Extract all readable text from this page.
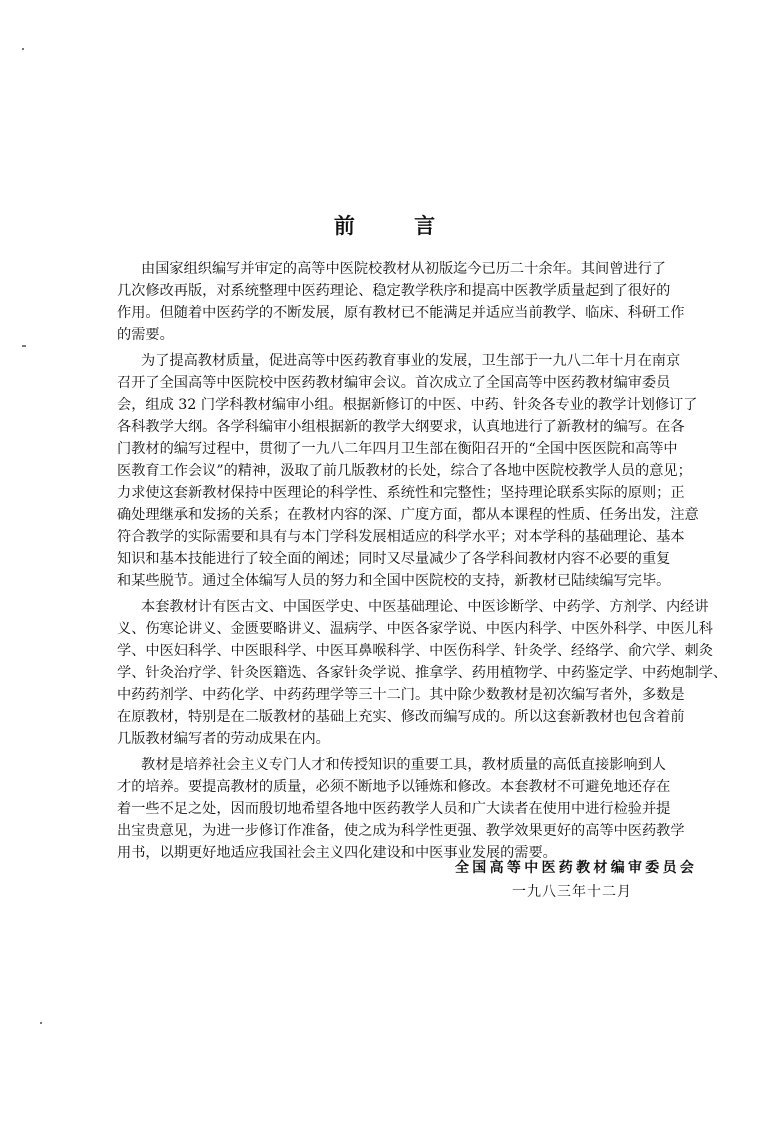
前 言
由国家组织编写并审定的高等中医院校教材从初版迄今已历二十余年。其间曾进行了
几次修改再版，对系统整理中医药理论、稳定教学秩序和提高中医教学质量起到了很好的
作用。但随着中医药学的不断发展，原有教材已不能满足并适应当前教学、临床、科研工作
的需要。
为了提高教材质量，促进高等中医药教育事业的发展，卫生部于一九八二年十月在南京
召开了全国高等中医院校中医药教材编审会议。首次成立了全国高等中医药教材编审委员
会，组成 32 门学科教材编审小组。根据新修订的中医、中药、针灸各专业的教学计划修订了
各科教学大纲。各学科编审小组根据新的教学大纲要求，认真地进行了新教材的编写。在各
门教材的编写过程中，贯彻了一九八二年四月卫生部在衡阳召开的“全国中医医院和高等中
医教育工作会议”的精神，汲取了前几版教材的长处，综合了各地中医院校教学人员的意见；
力求使这套新教材保持中医理论的科学性、系统性和完整性；坚持理论联系实际的原则；正
确处理继承和发扬的关系；在教材内容的深、广度方面，都从本课程的性质、任务出发，注意
符合教学的实际需要和具有与本门学科发展相适应的科学水平；对本学科的基础理论、基本
知识和基本技能进行了较全面的阐述；同时又尽量减少了各学科间教材内容不必要的重复
和某些脱节。通过全体编写人员的努力和全国中医院校的支持，新教材已陆续编写完毕。
本套教材计有医古文、中国医学史、中医基础理论、中医诊断学、中药学、方剂学、内经讲
义、伤寒论讲义、金匮要略讲义、温病学、中医各家学说、中医内科学、中医外科学、中医儿科
学、中医妇科学、中医眼科学、中医耳鼻喉科学、中医伤科学、针灸学、经络学、俞穴学、刺灸
学、针灸治疗学、针灸医籍选、各家针灸学说、推拿学、药用植物学、中药鉴定学、中药炮制学、
中药药剂学、中药化学、中药药理学等三十二门。其中除少数教材是初次编写者外，多数是
在原教材，特别是在二版教材的基础上充实、修改而编写成的。所以这套新教材也包含着前
几版教材编写者的劳动成果在内。
教材是培养社会主义专门人才和传授知识的重要工具，教材质量的高低直接影响到人
才的培养。要提高教材的质量，必须不断地予以锤炼和修改。本套教材不可避免地还存在
着一些不足之处，因而殷切地希望各地中医药教学人员和广大读者在使用中进行检验并提
出宝贵意见，为进一步修订作准备，使之成为科学性更强、教学效果更好的高等中医药教学
用书，以期更好地适应我国社会主义四化建设和中医事业发展的需要。
全国高等中医药教材编审委员会
一九八三年十二月
